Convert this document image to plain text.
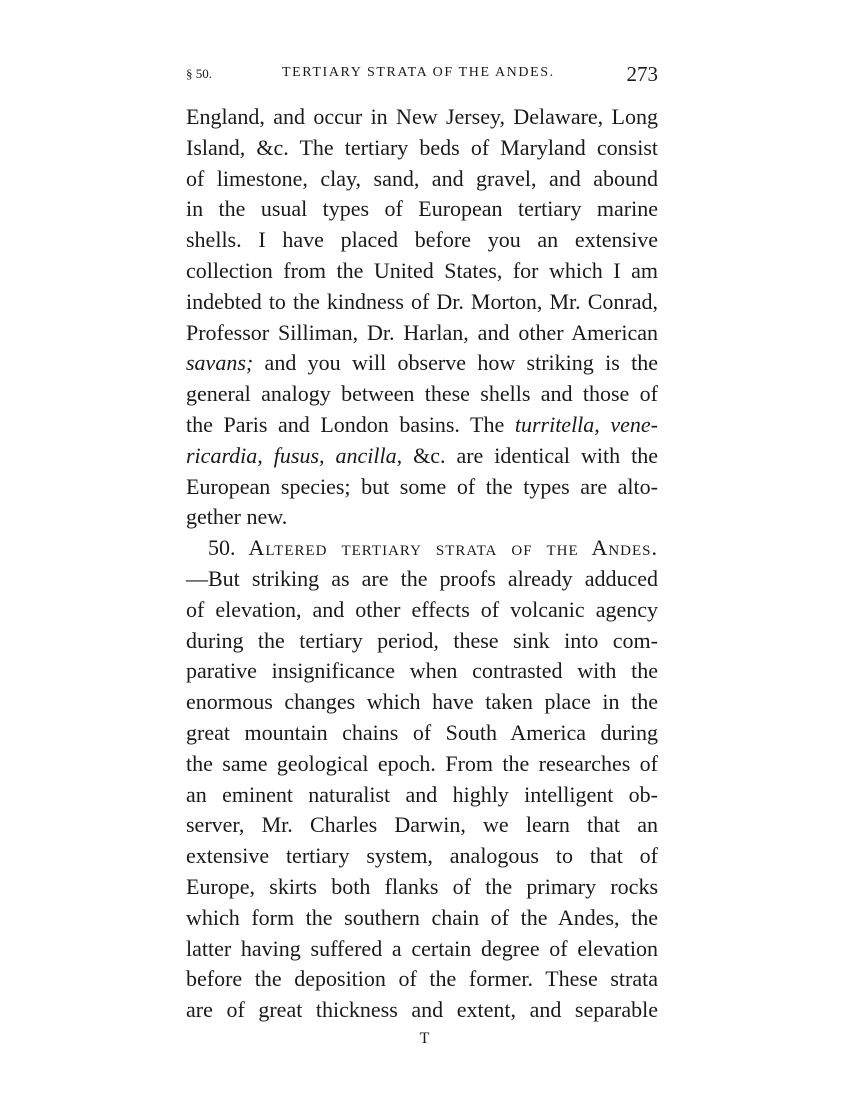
§ 50.	TERTIARY STRATA OF THE ANDES.	273
England, and occur in New Jersey, Delaware, Long
Island, &c. The tertiary beds of Maryland consist
of limestone, clay, sand, and gravel, and abound
in the usual types of European tertiary marine
shells. I have placed before you an extensive
collection from the United States, for which I am
indebted to the kindness of Dr. Morton, Mr. Conrad,
Professor Silliman, Dr. Harlan, and other American
savans; and you will observe how striking is the
general analogy between these shells and those of
the Paris and London basins. The turritella, vene-
ricardia, fusus, ancilla, &c. are identical with the
European species; but some of the types are alto-
gether new.
50. Altered tertiary strata of the Andes.
—But striking as are the proofs already adduced
of elevation, and other effects of volcanic agency
during the tertiary period, these sink into com-
parative insignificance when contrasted with the
enormous changes which have taken place in the
great mountain chains of South America during
the same geological epoch. From the researches of
an eminent naturalist and highly intelligent ob-
server, Mr. Charles Darwin, we learn that an
extensive tertiary system, analogous to that of
Europe, skirts both flanks of the primary rocks
which form the southern chain of the Andes, the
latter having suffered a certain degree of elevation
before the deposition of the former. These strata
are of great thickness and extent, and separable
T
